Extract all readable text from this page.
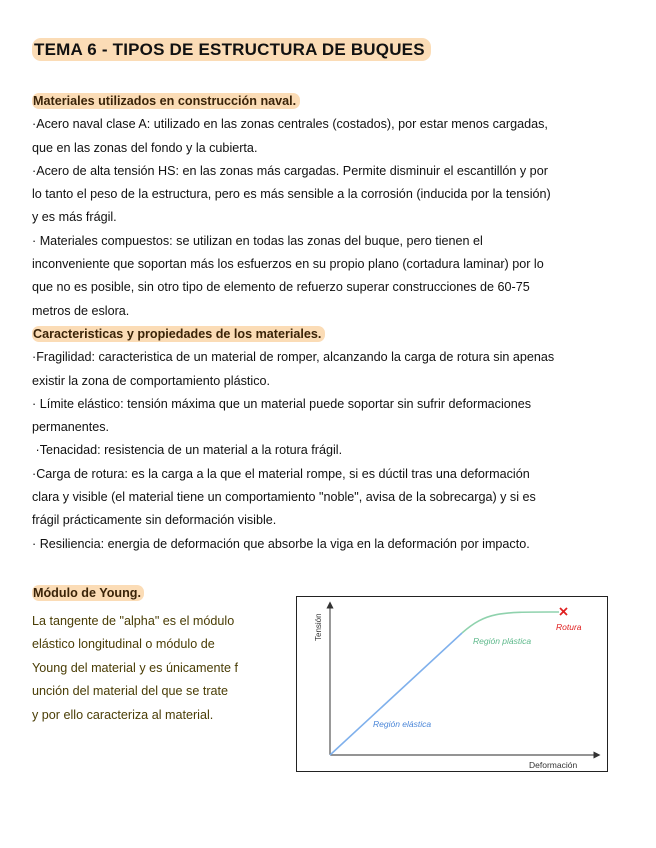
TEMA 6 - TIPOS DE ESTRUCTURA DE BUQUES

Materiales utilizados en construcción naval.

·Acero naval clase A: utilizado en las zonas centrales (costados), por estar menos cargadas,

que en las zonas del fondo y la cubierta.

·Acero de alta tensión HS: en las zonas más cargadas. Permite disminuir el escantillón y por

lo tanto el peso de la estructura, pero es más sensible a la corrosión (inducida por la tensión)

y es más frágil.

· Materiales compuestos: se utilizan en todas las zonas del buque, pero tienen el

inconveniente que soportan más los esfuerzos en su propio plano (cortadura laminar) por lo

que no es posible, sin otro tipo de elemento de refuerzo superar construcciones de 60-75

metros de eslora.

Caracteristicas y propiedades de los materiales.

·Fragilidad: caracteristica de un material de romper, alcanzando la carga de rotura sin apenas

existir la zona de comportamiento plástico.

· Límite elástico: tensión máxima que un material puede soportar sin sufrir deformaciones

permanentes.

·Tenacidad: resistencia de un material a la rotura frágil.

·Carga de rotura: es la carga a la que el material rompe, si es dúctil tras una deformación

clara y visible (el material tiene un comportamiento "noble", avisa de la sobrecarga) y si es

frágil prácticamente sin deformación visible.

· Resiliencia: energia de deformación que absorbe la viga en la deformación por impacto.

Módulo de Young.

La tangente de "alpha" es el módulo

elástico longitudinal o módulo de

Young del material y es únicamente f

unción del material del que se trate

y por ello caracteriza al material.

Tensión
Deformación
Región elástica
Región plástica
Rotura
